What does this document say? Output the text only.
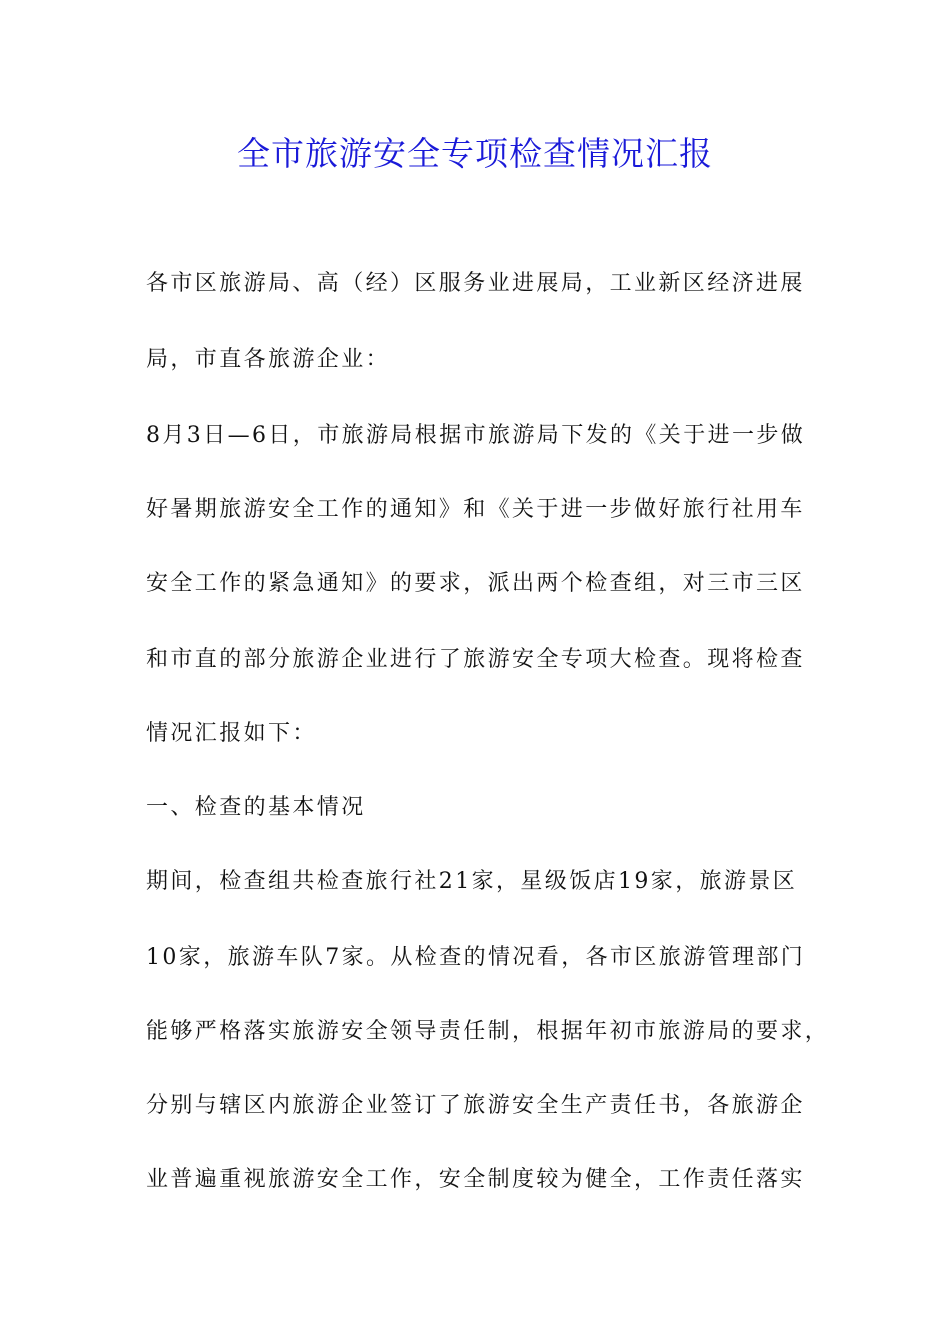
全市旅游安全专项检查情况汇报

各市区旅游局、高（经）区服务业进展局，工业新区经济进展

局，市直各旅游企业：

8月3日—6日，市旅游局根据市旅游局下发的《关于进一步做

好暑期旅游安全工作的通知》和《关于进一步做好旅行社用车

安全工作的紧急通知》的要求，派出两个检查组，对三市三区

和市直的部分旅游企业进行了旅游安全专项大检查。现将检查

情况汇报如下：

一、检查的基本情况

期间，检查组共检查旅行社21家，星级饭店19家，旅游景区

10家，旅游车队7家。从检查的情况看，各市区旅游管理部门

能够严格落实旅游安全领导责任制，根据年初市旅游局的要求，

分别与辖区内旅游企业签订了旅游安全生产责任书，各旅游企

业普遍重视旅游安全工作，安全制度较为健全，工作责任落实
